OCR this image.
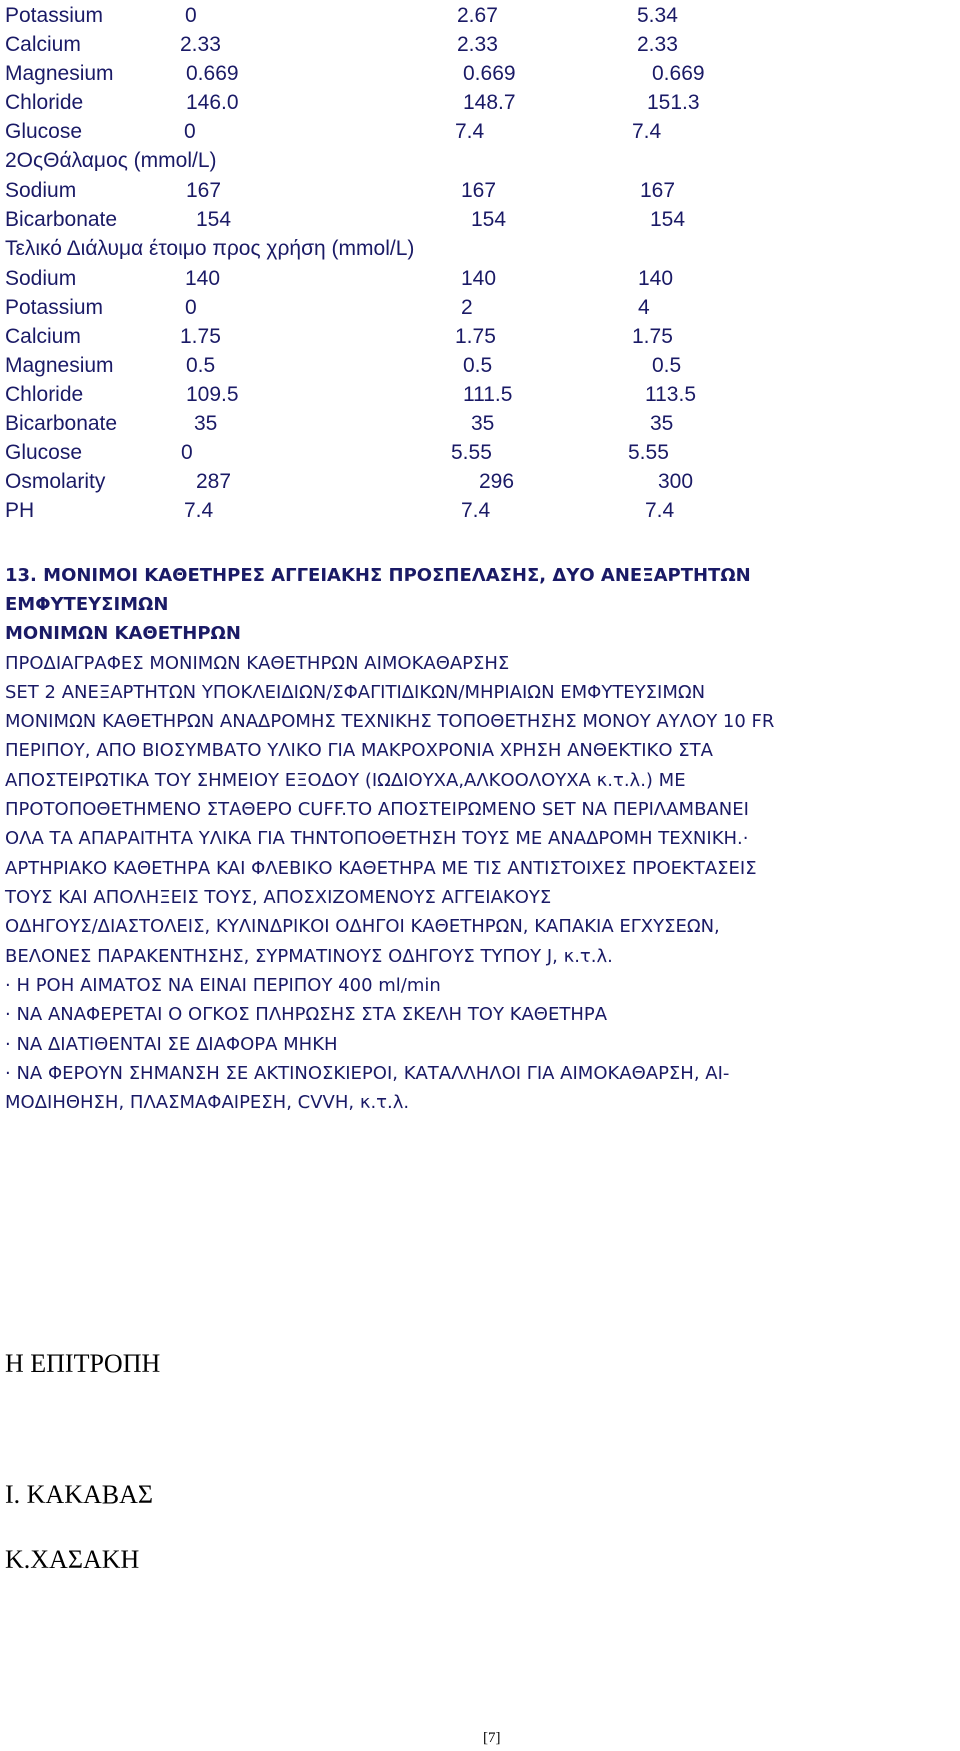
Potassium	0	2.67	5.34
Calcium	2.33	2.33	2.33
Magnesium	0.669	0.669	0.669
Chloride	146.0	148.7	151.3
Glucose	0	7.4	7.4
2ΟςΘάλαμος (mmol/L)
Sodium	167	167	167
Bicarbonate	154	154	154
Τελικό Διάλυμα έτοιμο προς χρήση (mmol/L)
Sodium	140	140	140
Potassium	0	2	4
Calcium	1.75	1.75	1.75
Magnesium	0.5	0.5	0.5
Chloride	109.5	111.5	113.5
Bicarbonate	35	35	35
Glucose	0	5.55	5.55
Osmolarity	287	296	300
PH	7.4	7.4	7.4
13. ΜΟΝΙΜΟΙ ΚΑΘΕΤΗΡΕΣ ΑΓΓΕΙΑΚΗΣ ΠΡΟΣΠΕΛΑΣΗΣ, ΔΥΟ ΑΝΕΞΑΡΤΗΤΩΝ
ΕΜΦΥΤΕΥΣΙΜΩΝ
ΜΟΝΙΜΩΝ ΚΑΘΕΤΗΡΩΝ
ΠΡΟΔΙΑΓΡΑΦΕΣ ΜΟΝΙΜΩΝ ΚΑΘΕΤΗΡΩΝ ΑΙΜΟΚΑΘΑΡΣΗΣ
SET 2 ΑΝΕΞΑΡΤΗΤΩΝ ΥΠΟΚΛΕΙΔΙΩΝ/ΣΦΑΓΙΤΙΔΙΚΩΝ/ΜΗΡΙΑΙΩΝ ΕΜΦΥΤΕΥΣΙΜΩΝ
ΜΟΝΙΜΩΝ ΚΑΘΕΤΗΡΩΝ ΑΝΑΔΡΟΜΗΣ ΤΕΧΝΙΚΗΣ ΤΟΠΟΘΕΤΗΣΗΣ ΜΟΝΟΥ ΑΥΛΟΥ 10 FR
ΠΕΡΙΠΟΥ, ΑΠΟ ΒΙΟΣΥΜΒΑΤΟ ΥΛΙΚΟ ΓΙΑ ΜΑΚΡΟΧΡΟΝΙΑ ΧΡΗΣΗ ΑΝΘΕΚΤΙΚΟ ΣΤΑ
ΑΠΟΣΤΕΙΡΩΤΙΚΑ ΤΟΥ ΣΗΜΕΙΟΥ ΕΞΟΔΟΥ (ΙΩΔΙΟΥΧΑ,ΑΛΚΟΟΛΟΥΧΑ κ.τ.λ.) ΜΕ
ΠΡΟΤΟΠΟΘΕΤΗΜΕΝΟ ΣΤΑΘΕΡΟ CUFF.ΤΟ ΑΠΟΣΤΕΙΡΩΜΕΝΟ SET ΝΑ ΠΕΡΙΛΑΜΒΑΝΕΙ
ΟΛΑ ΤΑ ΑΠΑΡΑΙΤΗΤΑ ΥΛΙΚΑ ΓΙΑ ΤΗΝΤΟΠΟΘΕΤΗΣΗ ΤΟΥΣ ΜΕ ΑΝΑΔΡΟΜΗ ΤΕΧΝΙΚΗ.·
ΑΡΤΗΡΙΑΚΟ ΚΑΘΕΤΗΡΑ ΚΑΙ ΦΛΕΒΙΚΟ ΚΑΘΕΤΗΡΑ ΜΕ ΤΙΣ ΑΝΤΙΣΤΟΙΧΕΣ ΠΡΟΕΚΤΑΣΕΙΣ
ΤΟΥΣ ΚΑΙ ΑΠΟΛΗΞΕΙΣ ΤΟΥΣ, ΑΠΟΣΧΙΖΟΜΕΝΟΥΣ ΑΓΓΕΙΑΚΟΥΣ
ΟΔΗΓΟΥΣ/ΔΙΑΣΤΟΛΕΙΣ, ΚΥΛΙΝΔΡΙΚΟΙ ΟΔΗΓΟΙ ΚΑΘΕΤΗΡΩΝ, ΚΑΠΑΚΙΑ ΕΓΧΥΣΕΩΝ,
ΒΕΛΟΝΕΣ ΠΑΡΑΚΕΝΤΗΣΗΣ, ΣΥΡΜΑΤΙΝΟΥΣ ΟΔΗΓΟΥΣ ΤΥΠΟΥ J, κ.τ.λ.
· Η ΡΟΗ ΑΙΜΑΤΟΣ ΝΑ ΕΙΝΑΙ ΠΕΡΙΠΟΥ 400 ml/min
· ΝΑ ΑΝΑΦΕΡΕΤΑΙ Ο ΟΓΚΟΣ ΠΛΗΡΩΣΗΣ ΣΤΑ ΣΚΕΛΗ ΤΟΥ ΚΑΘΕΤΗΡΑ
· ΝΑ ΔΙΑΤΙΘΕΝΤΑΙ ΣΕ ΔΙΑΦΟΡΑ ΜΗΚΗ
· ΝΑ ΦΕΡΟΥΝ ΣΗΜΑΝΣΗ ΣΕ ΑΚΤΙΝΟΣΚΙΕΡΟΙ, ΚΑΤΑΛΛΗΛΟΙ ΓΙΑ ΑΙΜΟΚΑΘΑΡΣΗ, ΑΙ-
ΜΟΔΙΗΘΗΣΗ, ΠΛΑΣΜΑΦΑΙΡΕΣΗ, CVVH, κ.τ.λ.
Η ΕΠΙΤΡΟΠΗ
Ι. ΚΑΚΑΒΑΣ
Κ.ΧΑΣΑΚΗ
[7]
